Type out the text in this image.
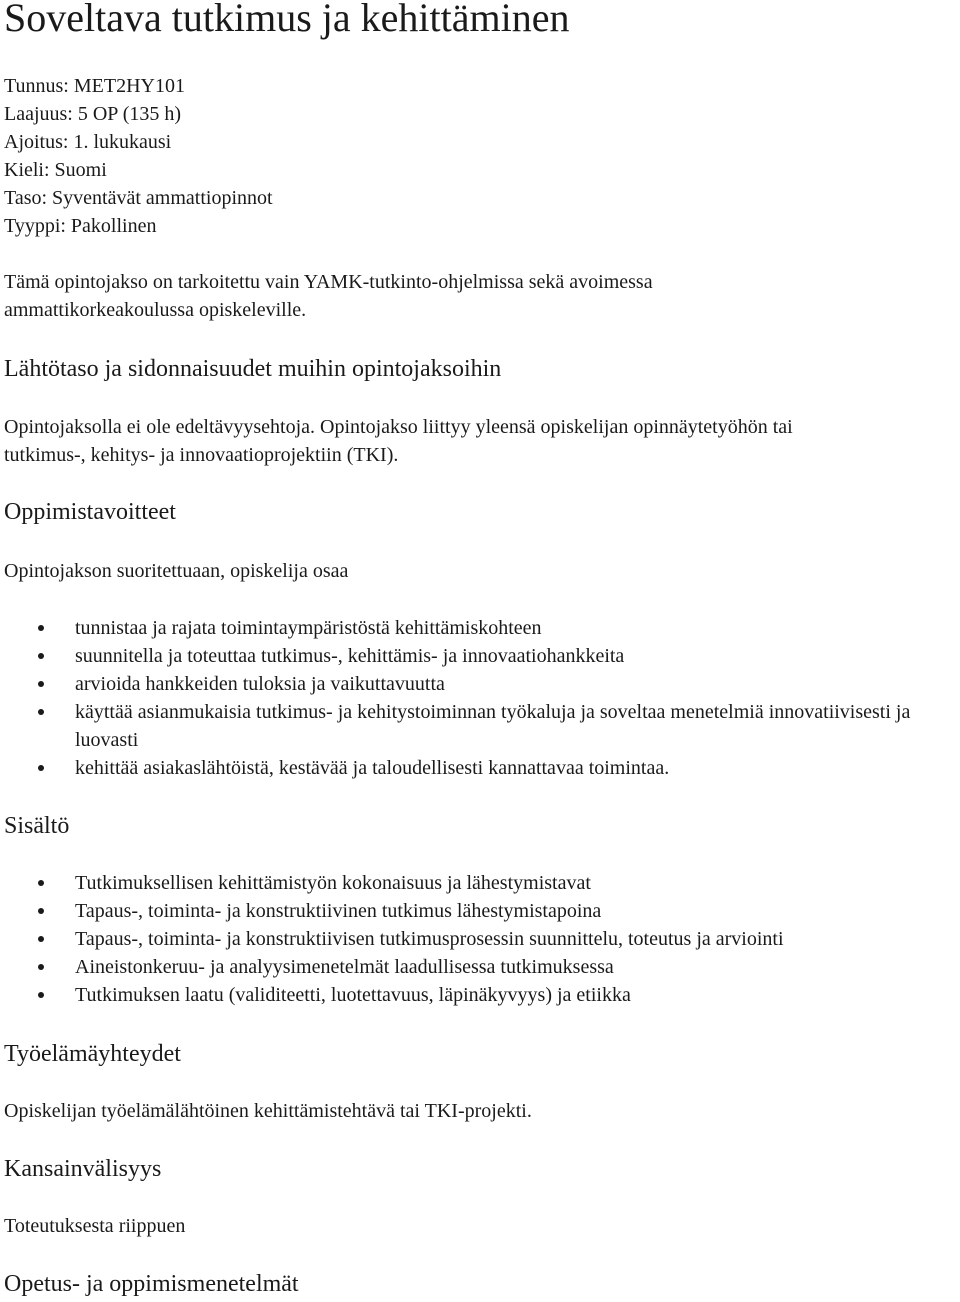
Soveltava tutkimus ja kehittäminen

Tunnus: MET2HY101

Laajuus: 5 OP (135 h)

Ajoitus: 1. lukukausi

Kieli: Suomi

Taso: Syventävät ammattiopinnot

Tyyppi: Pakollinen

Tämä opintojakso on tarkoitettu vain YAMK-tutkinto-ohjelmissa sekä avoimessa

ammattikorkeakoulussa opiskeleville.

Lähtötaso ja sidonnaisuudet muihin opintojaksoihin

Opintojaksolla ei ole edeltävyysehtoja. Opintojakso liittyy yleensä opiskelijan opinnäytetyöhön tai

tutkimus-, kehitys- ja innovaatioprojektiin (TKI).

Oppimistavoitteet

Opintojakson suoritettuaan, opiskelija osaa

tunnistaa ja rajata toimintaympäristöstä kehittämiskohteen
suunnitella ja toteuttaa tutkimus-, kehittämis- ja innovaatiohankkeita
arvioida hankkeiden tuloksia ja vaikuttavuutta
käyttää asianmukaisia tutkimus- ja kehitystoiminnan työkaluja ja soveltaa menetelmiä innovatiivisesti ja luovasti
kehittää asiakaslähtöistä, kestävää ja taloudellisesti kannattavaa toimintaa.
Sisältö
Tutkimuksellisen kehittämistyön kokonaisuus ja lähestymistavat
Tapaus-, toiminta- ja konstruktiivinen tutkimus lähestymistapoina
Tapaus-, toiminta- ja konstruktiivisen tutkimusprosessin suunnittelu, toteutus ja arviointi
Aineistonkeruu- ja analyysimenetelmät laadullisessa tutkimuksessa
Tutkimuksen laatu (validiteetti, luotettavuus, läpinäkyvyys) ja etiikka
Työelämäyhteydet

Opiskelijan työelämälähtöinen kehittämistehtävä tai TKI-projekti.

Kansainvälisyys

Toteutuksesta riippuen

Opetus- ja oppimismenetelmät
